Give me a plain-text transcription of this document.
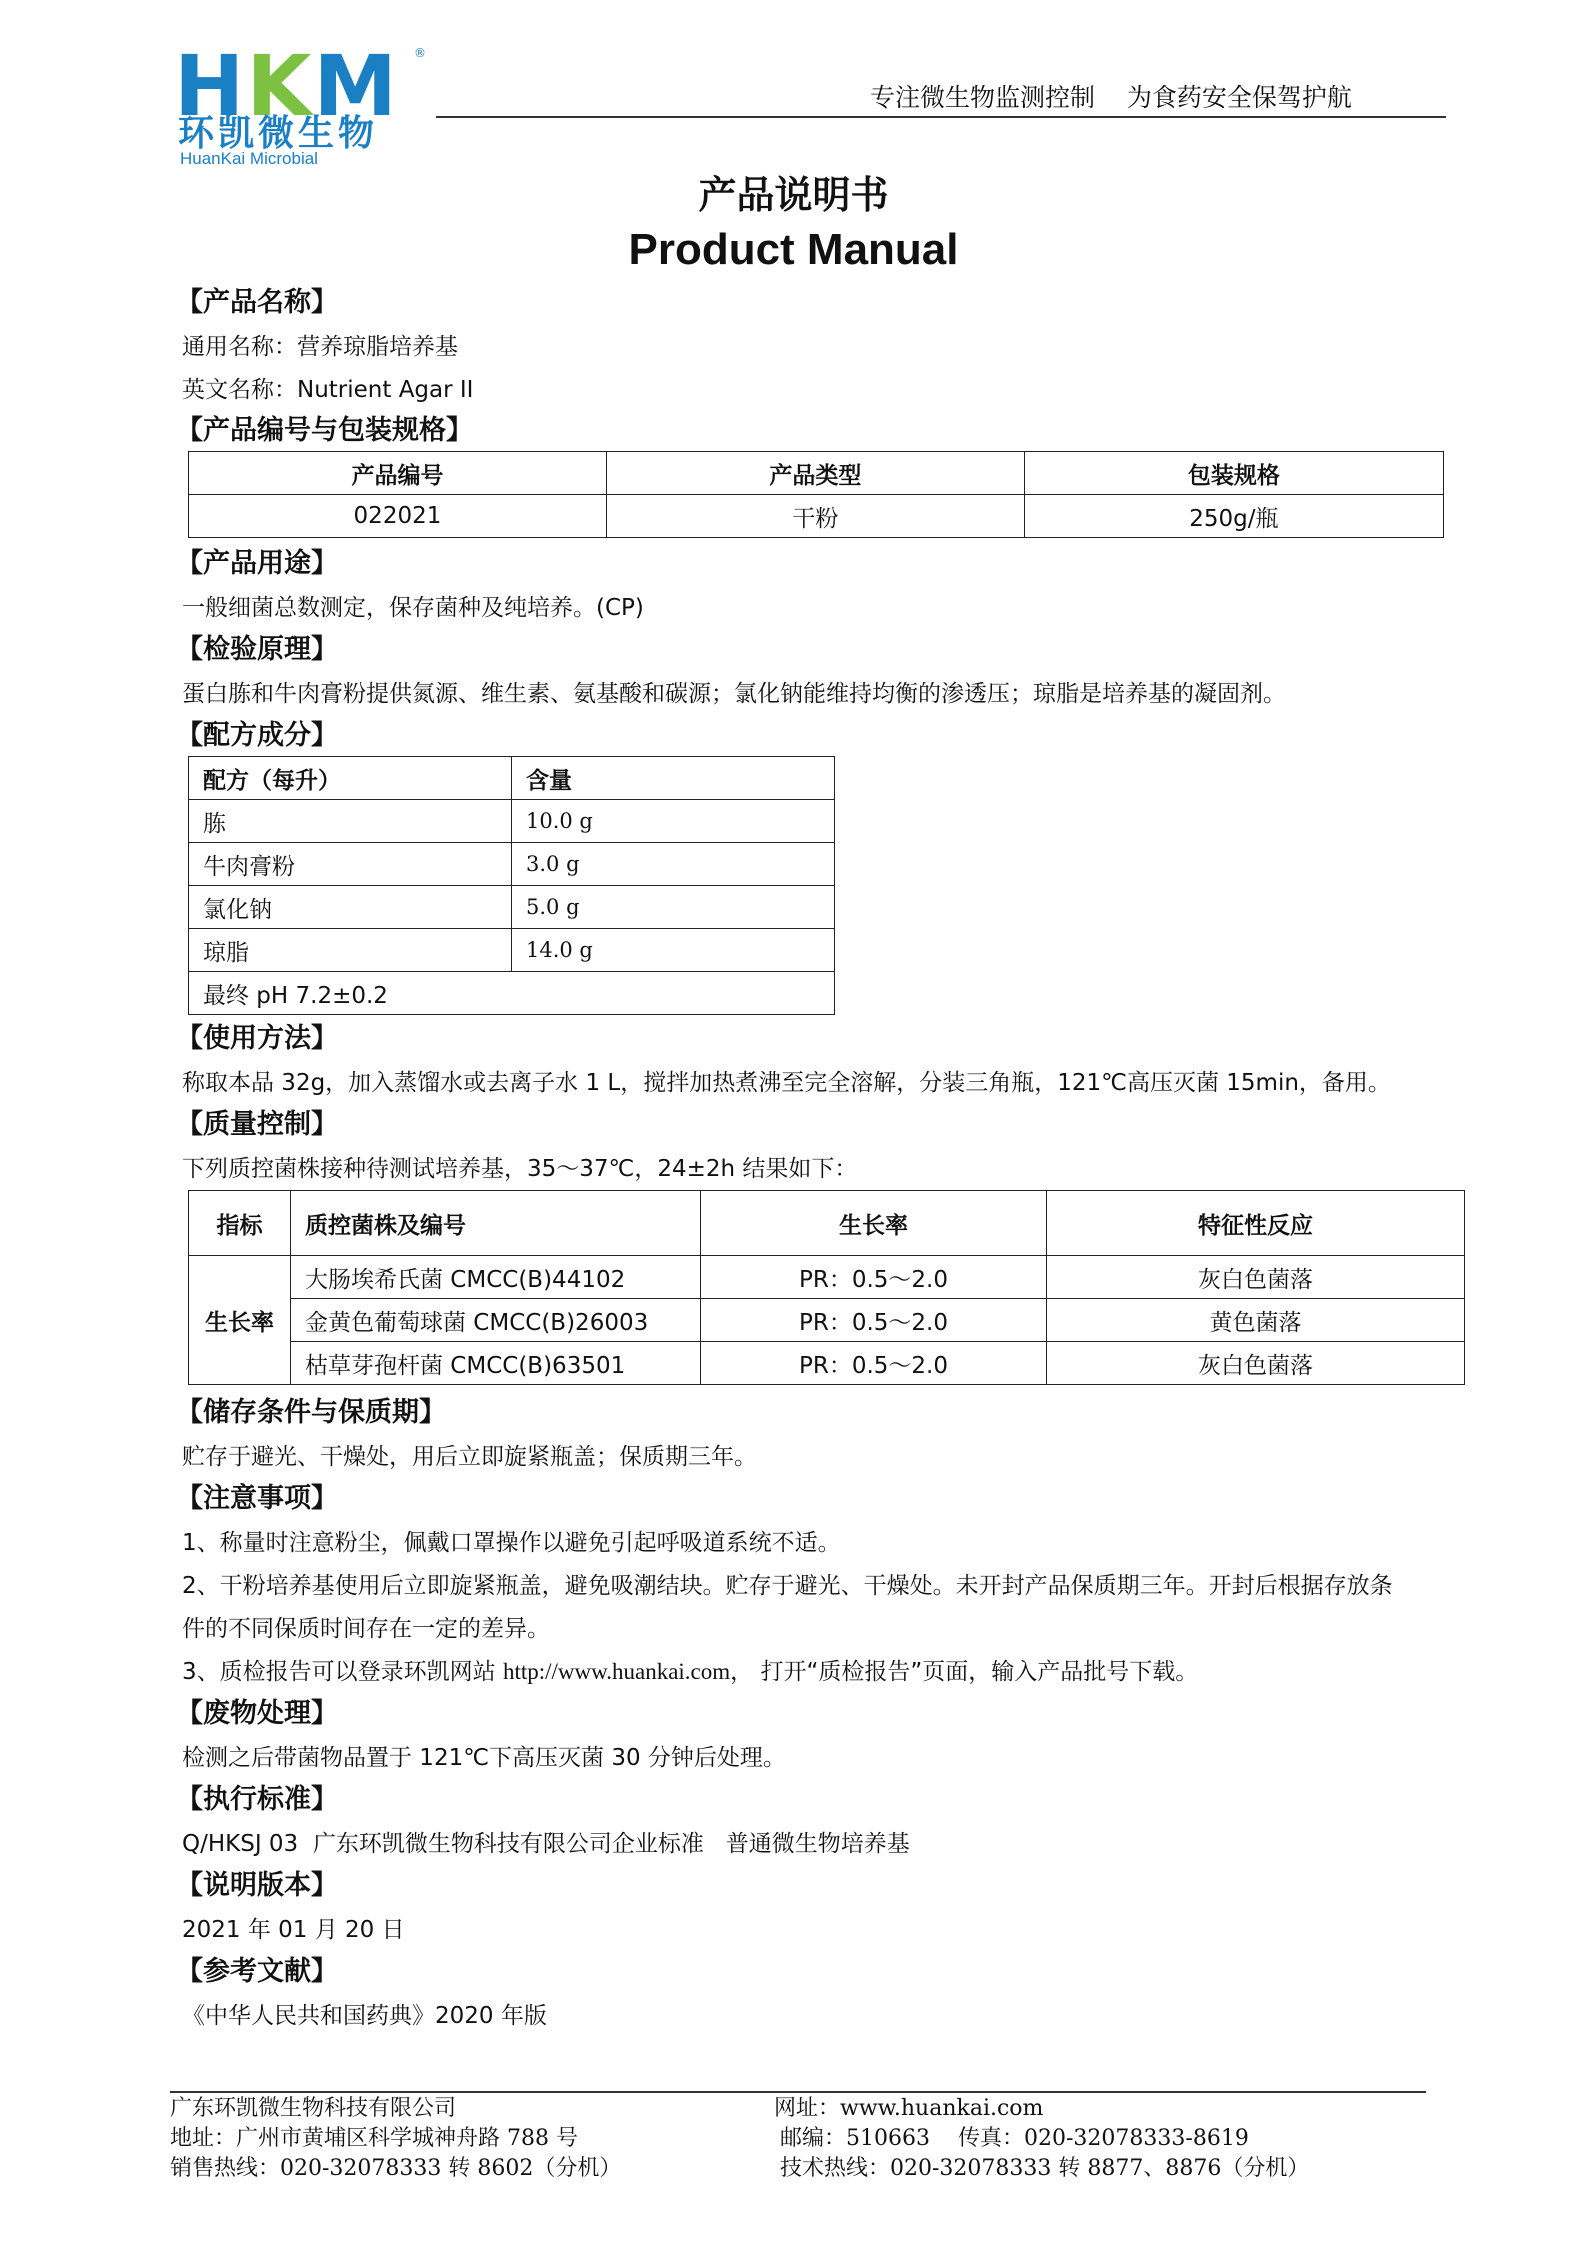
HKM ®
环凯微生物
HuanKai Microbial
专注微生物监测控制 为食药安全保驾护航
产品说明书
Product Manual
【产品名称】
通用名称：营养琼脂培养基
英文名称：Nutrient Agar II
【产品编号与包装规格】
产品编号	产品类型	包装规格
022021	干粉	250g/瓶
【产品用途】
一般细菌总数测定，保存菌种及纯培养。(CP)
【检验原理】
蛋白胨和牛肉膏粉提供氮源、维生素、氨基酸和碳源；氯化钠能维持均衡的渗透压；琼脂是培养基的凝固剂。
【配方成分】
配方（每升）	含量
胨	10.0 g
牛肉膏粉	3.0 g
氯化钠	5.0 g
琼脂	14.0 g
最终 pH 7.2±0.2	
【使用方法】
称取本品 32g，加入蒸馏水或去离子水 1 L，搅拌加热煮沸至完全溶解，分装三角瓶，121℃高压灭菌 15min，备用。
【质量控制】
下列质控菌株接种待测试培养基，35～37℃，24±2h 结果如下：
指标	质控菌株及编号	生长率	特征性反应
生长率	大肠埃希氏菌 CMCC(B)44102	PR：0.5～2.0	灰白色菌落
	金黄色葡萄球菌 CMCC(B)26003	PR：0.5～2.0	黄色菌落
	枯草芽孢杆菌 CMCC(B)63501	PR：0.5～2.0	灰白色菌落
【储存条件与保质期】
贮存于避光、干燥处，用后立即旋紧瓶盖；保质期三年。
【注意事项】
1、称量时注意粉尘，佩戴口罩操作以避免引起呼吸道系统不适。
2、干粉培养基使用后立即旋紧瓶盖，避免吸潮结块。贮存于避光、干燥处。未开封产品保质期三年。开封后根据存放条
件的不同保质时间存在一定的差异。
3、质检报告可以登录环凯网站 http://www.huankai.com， 打开“质检报告”页面，输入产品批号下载。
【废物处理】
检测之后带菌物品置于 121℃下高压灭菌 30 分钟后处理。
【执行标准】
Q/HKSJ 03  广东环凯微生物科技有限公司企业标准   普通微生物培养基
【说明版本】
2021 年 01 月 20 日
【参考文献】
《中华人民共和国药典》2020 年版
广东环凯微生物科技有限公司
地址：广州市黄埔区科学城神舟路 788 号
销售热线：020-32078333 转 8602（分机）
网址：www.huankai.com
邮编：510663 传真：020-32078333-8619
技术热线：020-32078333 转 8877、8876（分机）
